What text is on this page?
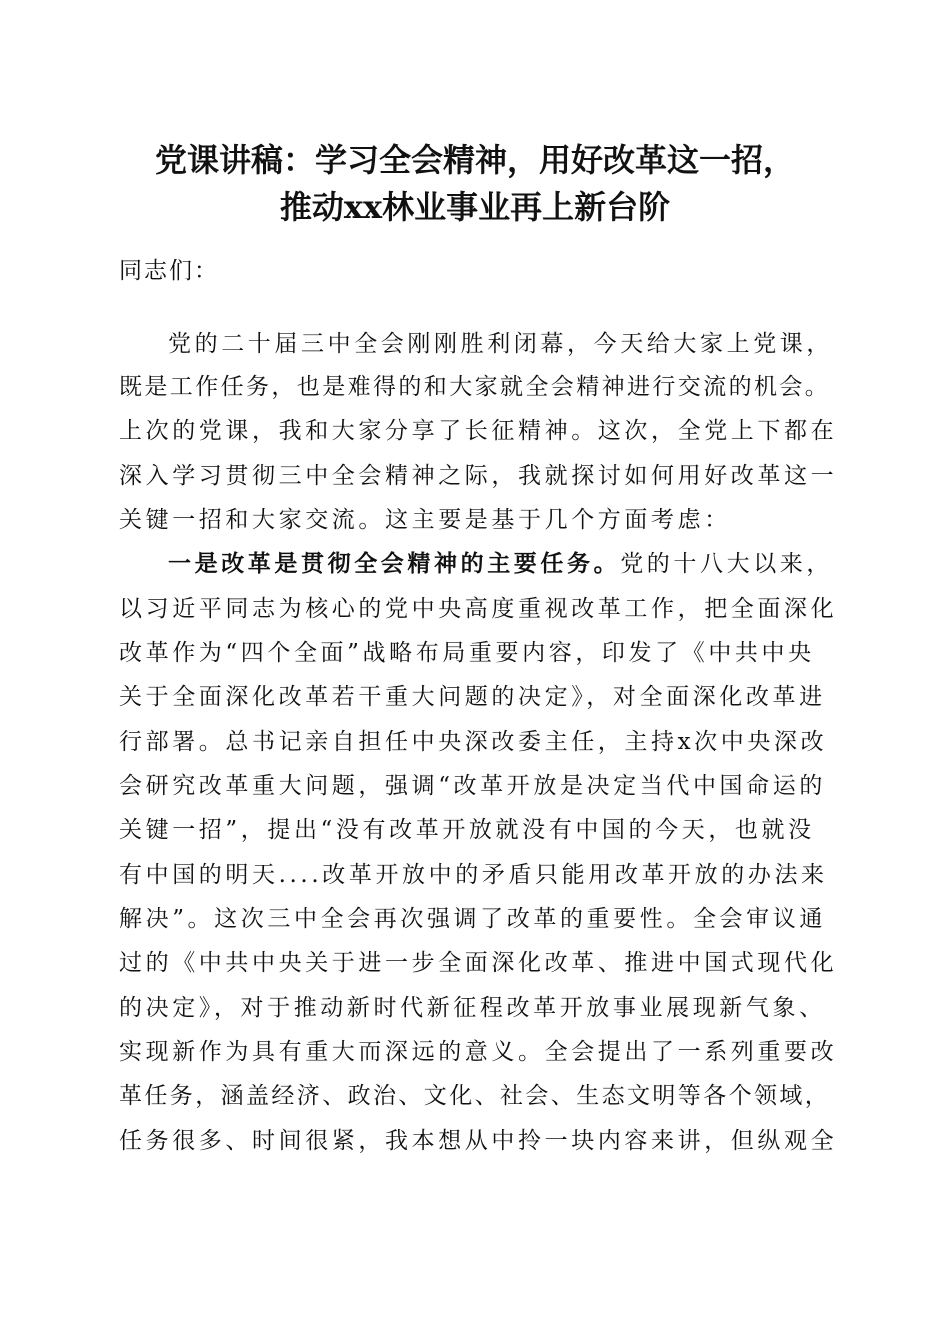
党课讲稿：学习全会精神，用好改革这一招，
推动xx林业事业再上新台阶
同志们：
党的二十届三中全会刚刚胜利闭幕，今天给大家上党课，
既是工作任务，也是难得的和大家就全会精神进行交流的机会。
上次的党课，我和大家分享了长征精神。这次，全党上下都在
深入学习贯彻三中全会精神之际，我就探讨如何用好改革这一
关键一招和大家交流。这主要是基于几个方面考虑：
一是改革是贯彻全会精神的主要任务。党的十八大以来，
以习近平同志为核心的党中央高度重视改革工作，把全面深化
改革作为“四个全面”战略布局重要内容，印发了《中共中央
关于全面深化改革若干重大问题的决定》，对全面深化改革进
行部署。总书记亲自担任中央深改委主任，主持x次中央深改
会研究改革重大问题，强调“改革开放是决定当代中国命运的
关键一招”，提出“没有改革开放就没有中国的今天，也就没
有中国的明天....改革开放中的矛盾只能用改革开放的办法来
解决”。这次三中全会再次强调了改革的重要性。全会审议通
过的《中共中央关于进一步全面深化改革、推进中国式现代化
的决定》，对于推动新时代新征程改革开放事业展现新气象、
实现新作为具有重大而深远的意义。全会提出了一系列重要改
革任务，涵盖经济、政治、文化、社会、生态文明等各个领域，
任务很多、时间很紧，我本想从中拎一块内容来讲，但纵观全
